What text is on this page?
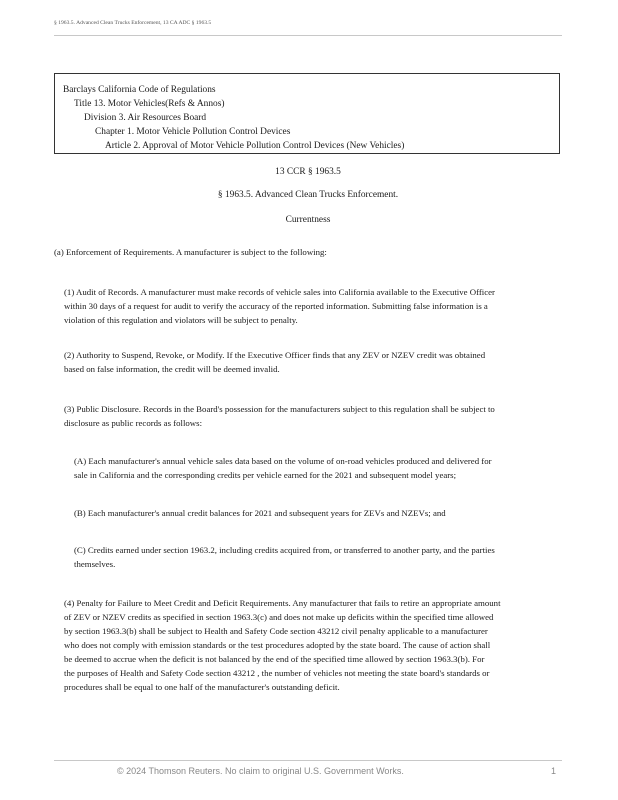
§ 1963.5. Advanced Clean Trucks Enforcement, 13 CA ADC § 1963.5
Barclays California Code of Regulations
Title 13. Motor Vehicles(Refs & Annos)
Division 3. Air Resources Board
Chapter 1. Motor Vehicle Pollution Control Devices
Article 2. Approval of Motor Vehicle Pollution Control Devices (New Vehicles)
13 CCR § 1963.5
§ 1963.5. Advanced Clean Trucks Enforcement.
Currentness
(a) Enforcement of Requirements. A manufacturer is subject to the following:
(1) Audit of Records. A manufacturer must make records of vehicle sales into California available to the Executive Officer
within 30 days of a request for audit to verify the accuracy of the reported information. Submitting false information is a
violation of this regulation and violators will be subject to penalty.
(2) Authority to Suspend, Revoke, or Modify. If the Executive Officer finds that any ZEV or NZEV credit was obtained
based on false information, the credit will be deemed invalid.
(3) Public Disclosure. Records in the Board's possession for the manufacturers subject to this regulation shall be subject to
disclosure as public records as follows:
(A) Each manufacturer's annual vehicle sales data based on the volume of on-road vehicles produced and delivered for
sale in California and the corresponding credits per vehicle earned for the 2021 and subsequent model years;
(B) Each manufacturer's annual credit balances for 2021 and subsequent years for ZEVs and NZEVs; and
(C) Credits earned under section 1963.2, including credits acquired from, or transferred to another party, and the parties
themselves.
(4) Penalty for Failure to Meet Credit and Deficit Requirements. Any manufacturer that fails to retire an appropriate amount
of ZEV or NZEV credits as specified in section 1963.3(c) and does not make up deficits within the specified time allowed
by section 1963.3(b) shall be subject to Health and Safety Code section 43212 civil penalty applicable to a manufacturer
who does not comply with emission standards or the test procedures adopted by the state board. The cause of action shall
be deemed to accrue when the deficit is not balanced by the end of the specified time allowed by section 1963.3(b). For
the purposes of Health and Safety Code section 43212 , the number of vehicles not meeting the state board's standards or
procedures shall be equal to one half of the manufacturer's outstanding deficit.
© 2024 Thomson Reuters. No claim to original U.S. Government Works.	1
